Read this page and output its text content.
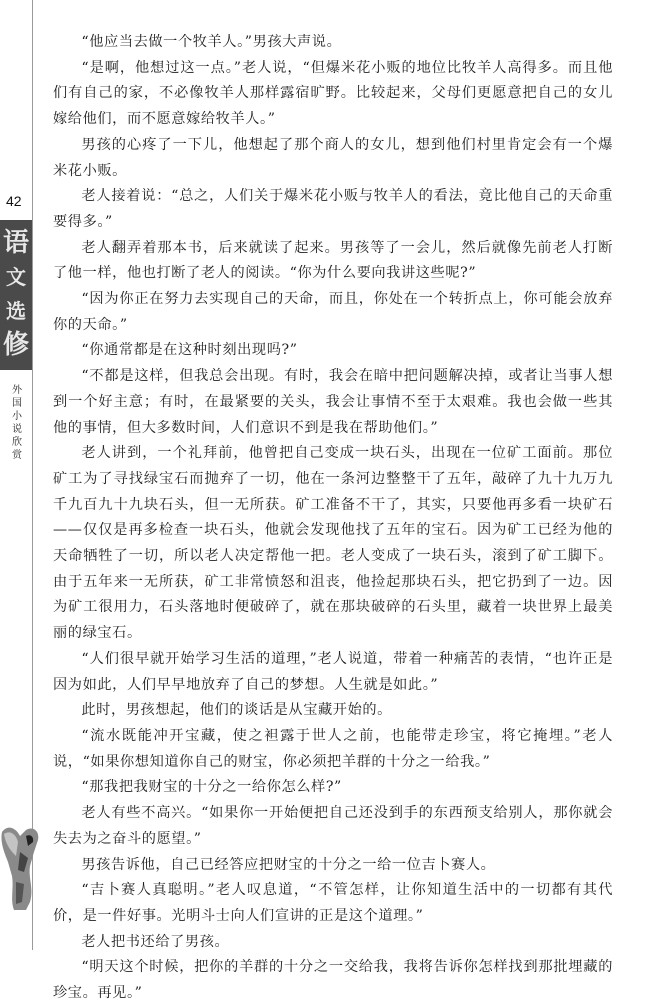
42
语
文
选
修
外
国
小
说
欣
赏

“他应当去做一个牧羊人。”男孩大声说。

“是啊，他想过这一点。”老人说，“但爆米花小贩的地位比牧羊人高得多。而且他们有自己的家，不必像牧羊人那样露宿旷野。比较起来，父母们更愿意把自己的女儿嫁给他们，而不愿意嫁给牧羊人。”

男孩的心疼了一下儿，他想起了那个商人的女儿，想到他们村里肯定会有一个爆米花小贩。

老人接着说：“总之，人们关于爆米花小贩与牧羊人的看法，竟比他自己的天命重要得多。”

老人翻弄着那本书，后来就读了起来。男孩等了一会儿，然后就像先前老人打断了他一样，他也打断了老人的阅读。“你为什么要向我讲这些呢?”

“因为你正在努力去实现自己的天命，而且，你处在一个转折点上，你可能会放弃你的天命。”

“你通常都是在这种时刻出现吗?”

“不都是这样，但我总会出现。有时，我会在暗中把问题解决掉，或者让当事人想到一个好主意；有时，在最紧要的关头，我会让事情不至于太艰难。我也会做一些其他的事情，但大多数时间，人们意识不到是我在帮助他们。”

老人讲到，一个礼拜前，他曾把自己变成一块石头，出现在一位矿工面前。那位矿工为了寻找绿宝石而抛弃了一切，他在一条河边整整干了五年，敲碎了九十九万九千九百九十九块石头，但一无所获。矿工准备不干了，其实，只要他再多看一块矿石——仅仅是再多检查一块石头，他就会发现他找了五年的宝石。因为矿工已经为他的天命牺牲了一切，所以老人决定帮他一把。老人变成了一块石头，滚到了矿工脚下。由于五年来一无所获，矿工非常愤怒和沮丧，他捡起那块石头，把它扔到了一边。因为矿工很用力，石头落地时便破碎了，就在那块破碎的石头里，藏着一块世界上最美丽的绿宝石。

“人们很早就开始学习生活的道理，”老人说道，带着一种痛苦的表情，“也许正是因为如此，人们早早地放弃了自己的梦想。人生就是如此。”

此时，男孩想起，他们的谈话是从宝藏开始的。

“流水既能冲开宝藏，使之袒露于世人之前，也能带走珍宝，将它掩埋。”老人说，“如果你想知道你自己的财宝，你必须把羊群的十分之一给我。”

“那我把我财宝的十分之一给你怎么样?”

老人有些不高兴。“如果你一开始便把自己还没到手的东西预支给别人，那你就会失去为之奋斗的愿望。”

男孩告诉他，自己已经答应把财宝的十分之一给一位吉卜赛人。

“吉卜赛人真聪明。”老人叹息道，“不管怎样，让你知道生活中的一切都有其代价，是一件好事。光明斗士向人们宣讲的正是这个道理。”

老人把书还给了男孩。

“明天这个时候，把你的羊群的十分之一交给我，我将告诉你怎样找到那批埋藏的珍宝。再见。”
